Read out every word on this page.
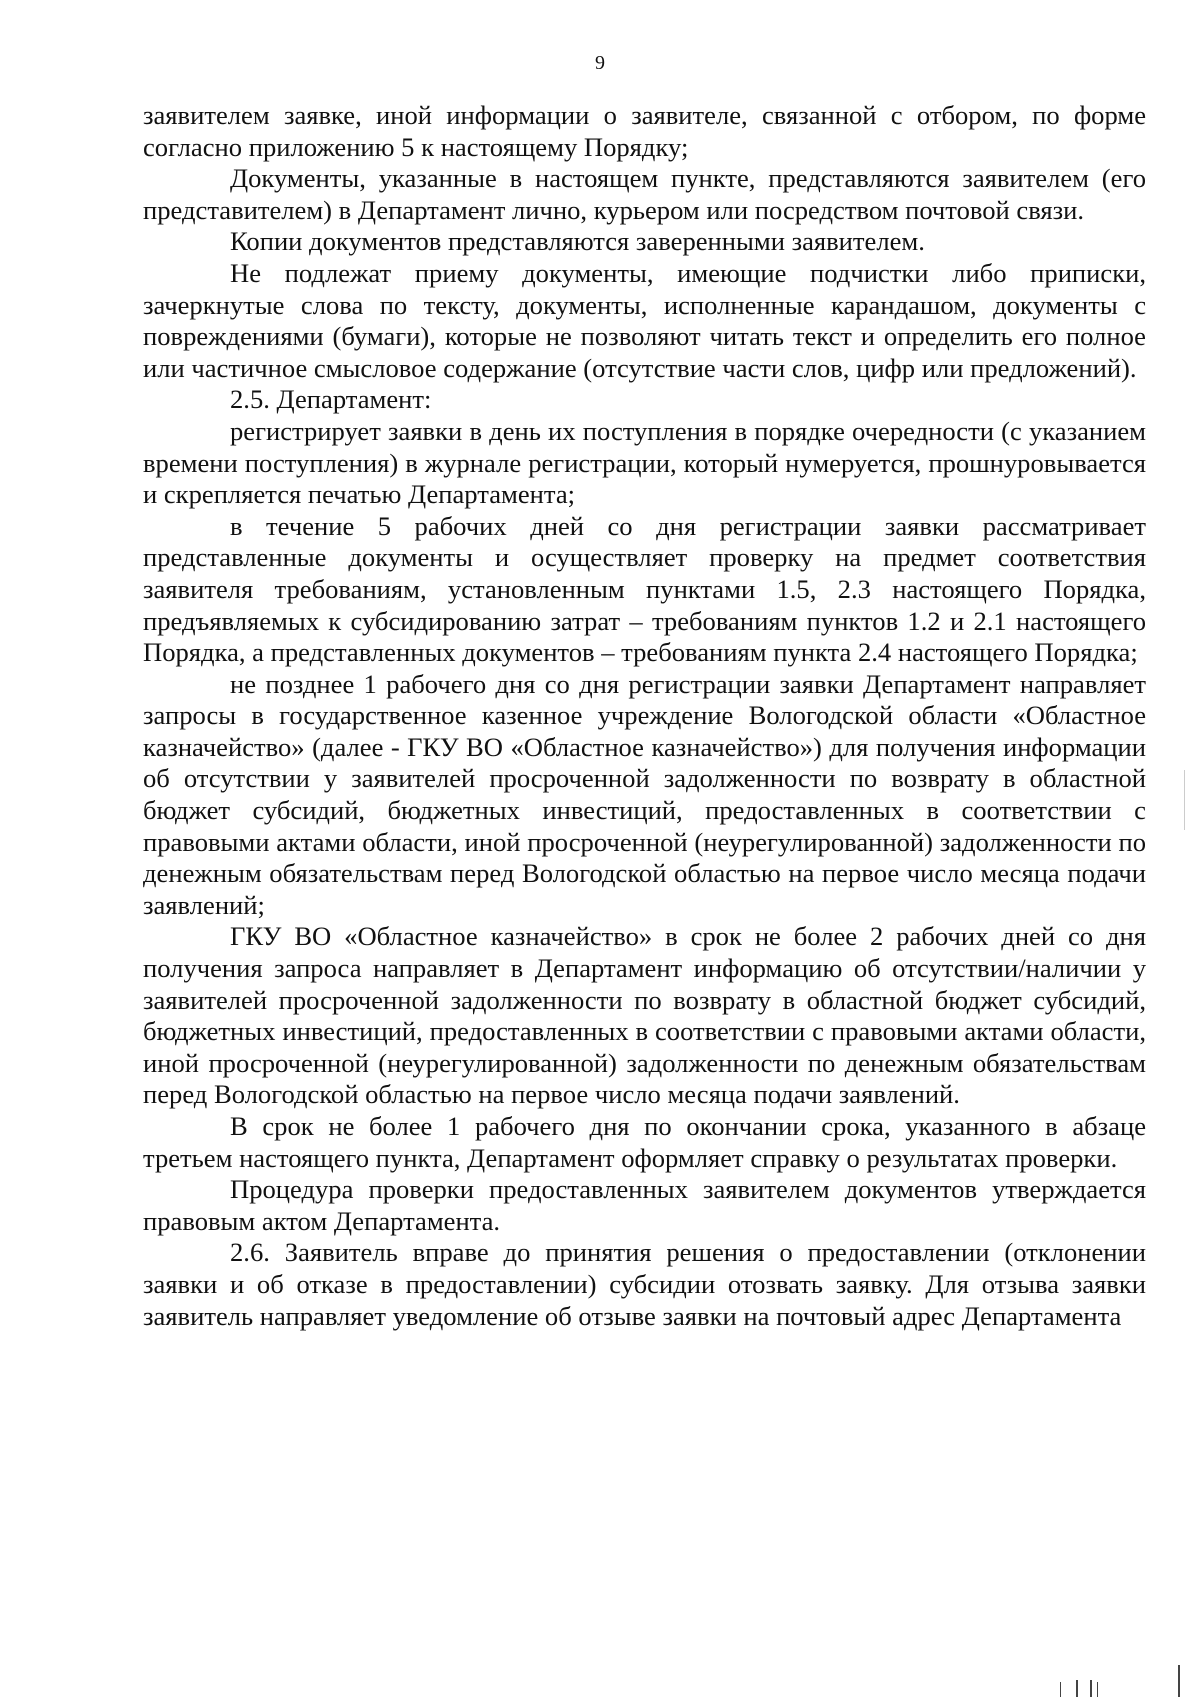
9

заявителем заявке, иной информации о заявителе, связанной с отбором, по форме согласно приложению 5 к настоящему Порядку;

Документы, указанные в настоящем пункте, представляются заявителем (его представителем) в Департамент лично, курьером или посредством почтовой связи.

Копии документов представляются заверенными заявителем.

Не подлежат приему документы, имеющие подчистки либо приписки, зачеркнутые слова по тексту, документы, исполненные карандашом, документы с повреждениями (бумаги), которые не позволяют читать текст и определить его полное или частичное смысловое содержание (отсутствие части слов, цифр или предложений).

2.5. Департамент:

регистрирует заявки в день их поступления в порядке очередности (с указанием времени поступления) в журнале регистрации, который нумеруется, прошнуровывается и скрепляется печатью Департамента;

в течение 5 рабочих дней со дня регистрации заявки рассматривает представленные документы и осуществляет проверку на предмет соответствия заявителя требованиям, установленным пунктами 1.5, 2.3 настоящего Порядка, предъявляемых к субсидированию затрат – требованиям пунктов 1.2 и 2.1 настоящего Порядка, а представленных документов – требованиям пункта 2.4 настоящего Порядка;

не позднее 1 рабочего дня со дня регистрации заявки Департамент направляет запросы в государственное казенное учреждение Вологодской области «Областное казначейство» (далее - ГКУ ВО «Областное казначейство») для получения информации об отсутствии у заявителей просроченной задолженности по возврату в областной бюджет субсидий, бюджетных инвестиций, предоставленных в соответствии с правовыми актами области, иной просроченной (неурегулированной) задолженности по денежным обязательствам перед Вологодской областью на первое число месяца подачи заявлений;

ГКУ ВО «Областное казначейство» в срок не более 2 рабочих дней со дня получения запроса направляет в Департамент информацию об отсутствии/наличии у заявителей просроченной задолженности по возврату в областной бюджет субсидий, бюджетных инвестиций, предоставленных в соответствии с правовыми актами области, иной просроченной (неурегулированной) задолженности по денежным обязательствам перед Вологодской областью на первое число месяца подачи заявлений.

В срок не более 1 рабочего дня по окончании срока, указанного в абзаце третьем настоящего пункта, Департамент оформляет справку о результатах проверки.

Процедура проверки предоставленных заявителем документов утверждается правовым актом Департамента.

2.6. Заявитель вправе до принятия решения о предоставлении (отклонении заявки и об отказе в предоставлении) субсидии отозвать заявку. Для отзыва заявки заявитель направляет уведомление об отзыве заявки на почтовый адрес Департамента
